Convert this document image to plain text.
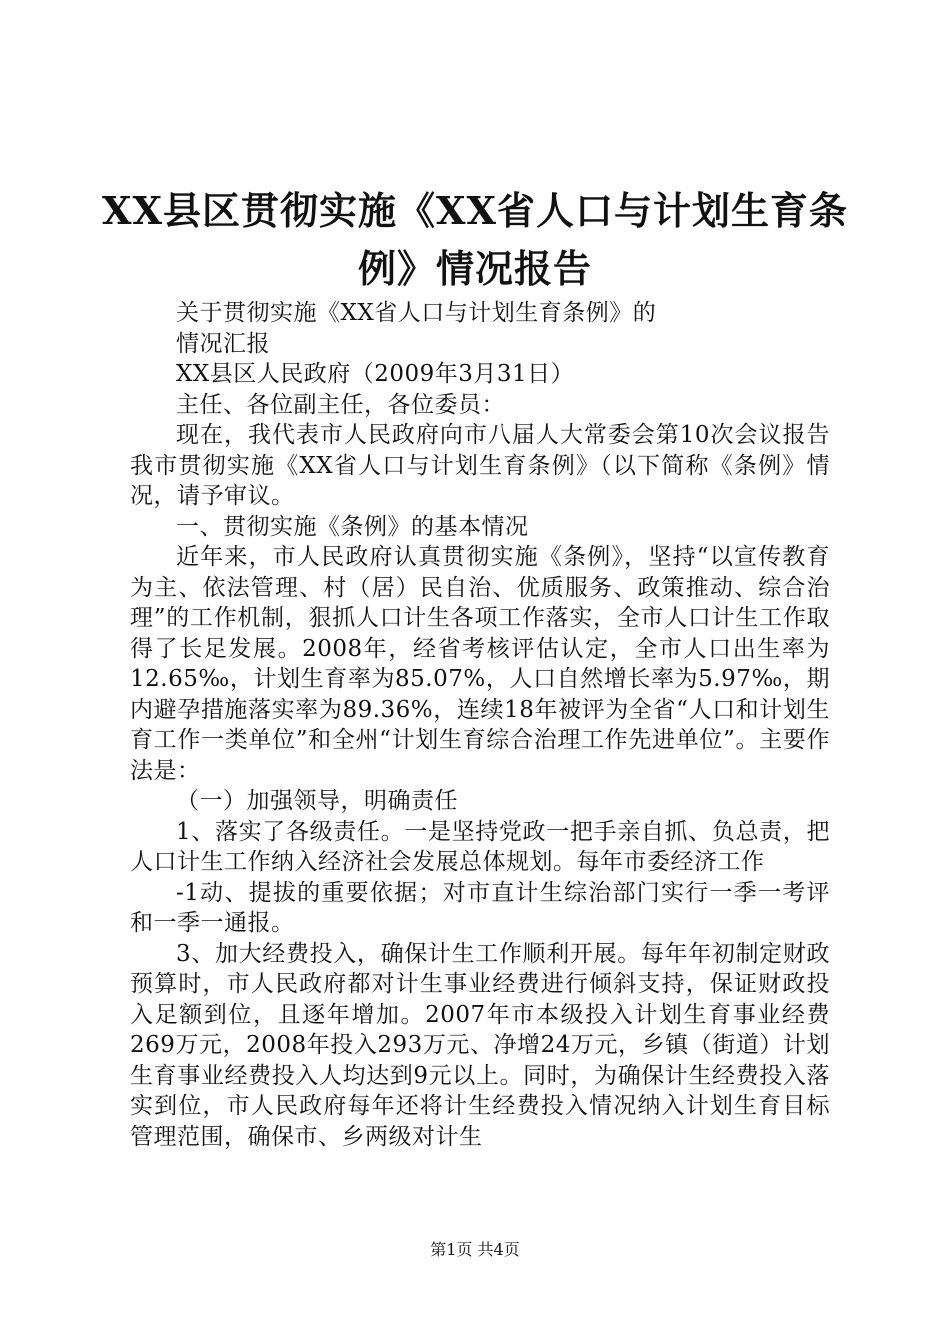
XX县区贯彻实施《XX省人口与计划生育条例》情况报告

关于贯彻实施《XX省人口与计划生育条例》的

情况汇报

XX县区人民政府（2009年3月31日）

主任、各位副主任，各位委员：

现在，我代表市人民政府向市八届人大常委会第10次会议报告我市贯彻实施《XX省人口与计划生育条例》（以下简称《条例》情况，请予审议。

一、贯彻实施《条例》的基本情况

近年来，市人民政府认真贯彻实施《条例》，坚持“以宣传教育为主、依法管理、村（居）民自治、优质服务、政策推动、综合治理”的工作机制，狠抓人口计生各项工作落实，全市人口计生工作取得了长足发展。2008年，经省考核评估认定，全市人口出生率为12.65‰，计划生育率为85.07%，人口自然增长率为5.97‰，期内避孕措施落实率为89.36%，连续18年被评为全省“人口和计划生育工作一类单位”和全州“计划生育综合治理工作先进单位”。主要作法是：

（一）加强领导，明确责任

1、落实了各级责任。一是坚持党政一把手亲自抓、负总责，把人口计生工作纳入经济社会发展总体规划。每年市委经济工作

-1动、提拔的重要依据；对市直计生综治部门实行一季一考评和一季一通报。

3、加大经费投入，确保计生工作顺利开展。每年年初制定财政预算时，市人民政府都对计生事业经费进行倾斜支持，保证财政投入足额到位，且逐年增加。2007年市本级投入计划生育事业经费269万元，2008年投入293万元、净增24万元，乡镇（街道）计划生育事业经费投入人均达到9元以上。同时，为确保计生经费投入落实到位，市人民政府每年还将计生经费投入情况纳入计划生育目标管理范围，确保市、乡两级对计生

第1页 共4页
